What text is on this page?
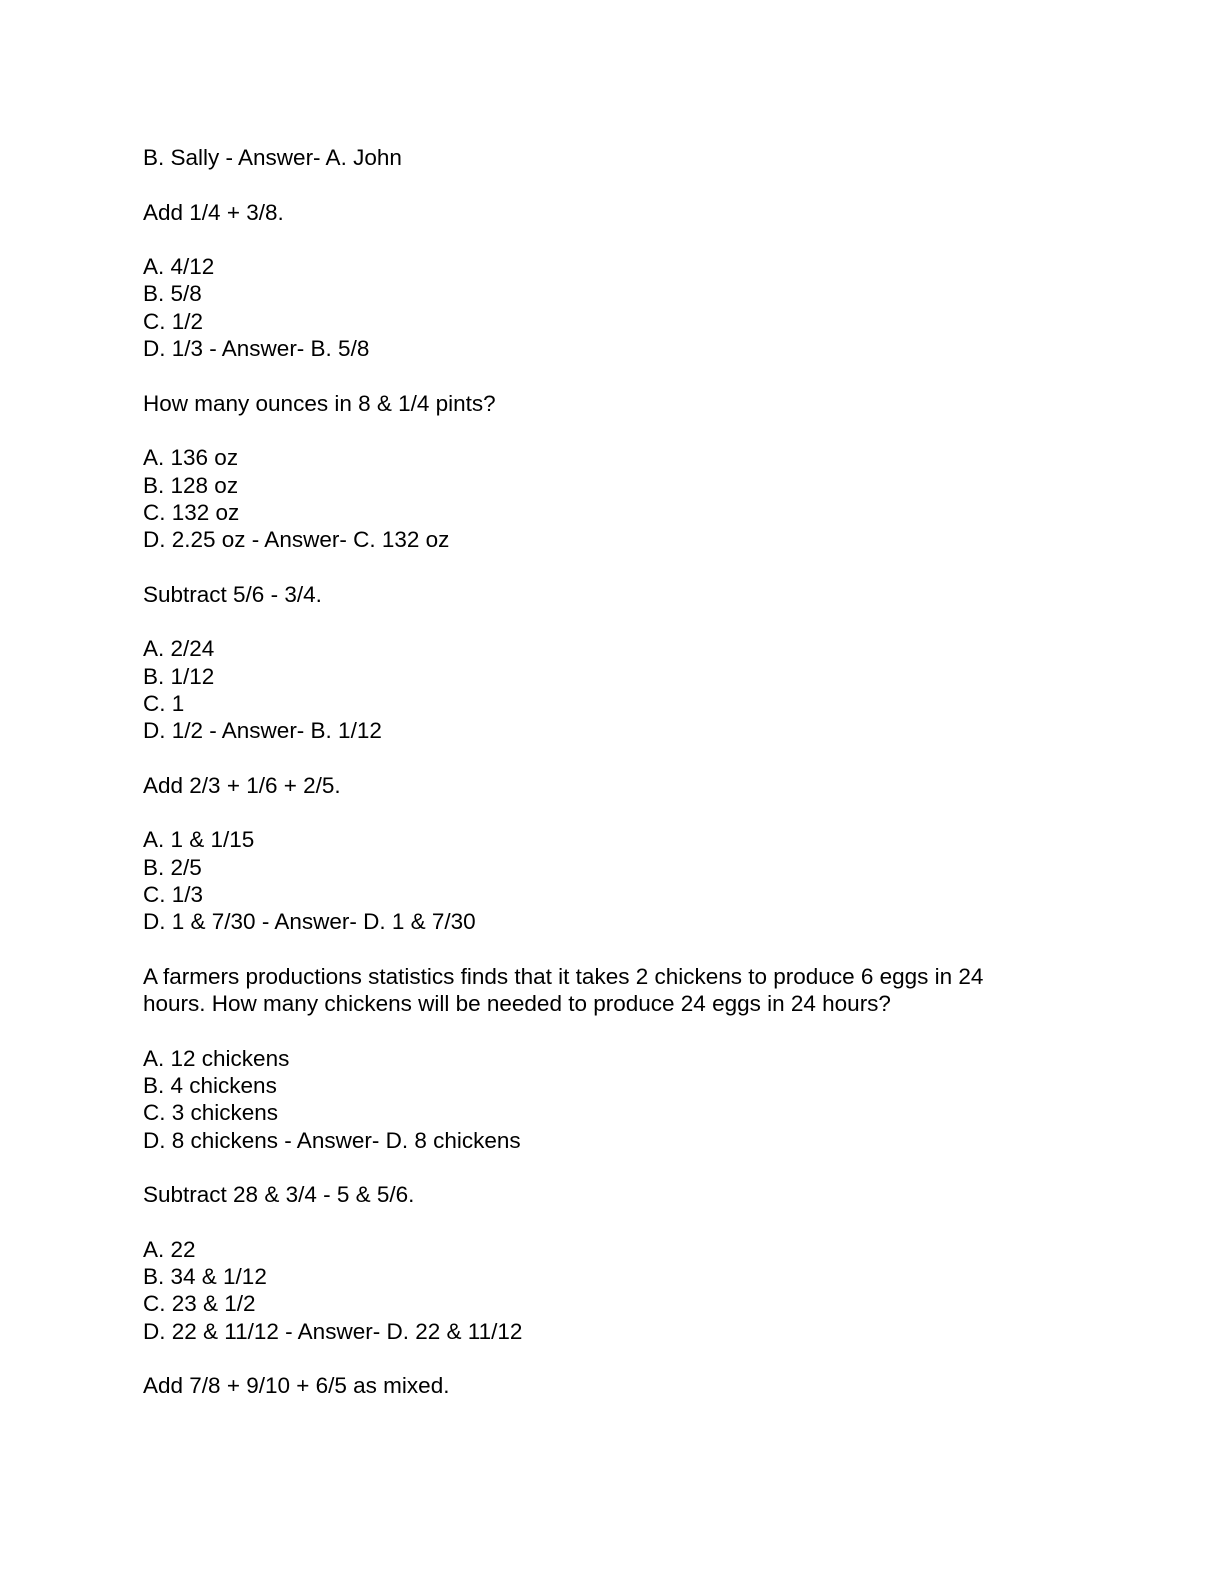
B. Sally - Answer- A. John
Add 1/4 + 3/8.
A. 4/12
B. 5/8
C. 1/2
D. 1/3 - Answer- B. 5/8
How many ounces in 8 & 1/4 pints?
A. 136 oz
B. 128 oz
C. 132 oz
D. 2.25 oz - Answer- C. 132 oz
Subtract 5/6 - 3/4.
A. 2/24
B. 1/12
C. 1
D. 1/2 - Answer- B. 1/12
Add 2/3 + 1/6 + 2/5.
A. 1 & 1/15
B. 2/5
C. 1/3
D. 1 & 7/30 - Answer- D. 1 & 7/30
A farmers productions statistics finds that it takes 2 chickens to produce 6 eggs in 24
hours. How many chickens will be needed to produce 24 eggs in 24 hours?
A. 12 chickens
B. 4 chickens
C. 3 chickens
D. 8 chickens - Answer- D. 8 chickens
Subtract 28 & 3/4 - 5 & 5/6.
A. 22
B. 34 & 1/12
C. 23 & 1/2
D. 22 & 11/12 - Answer- D. 22 & 11/12
Add 7/8 + 9/10 + 6/5 as mixed.
